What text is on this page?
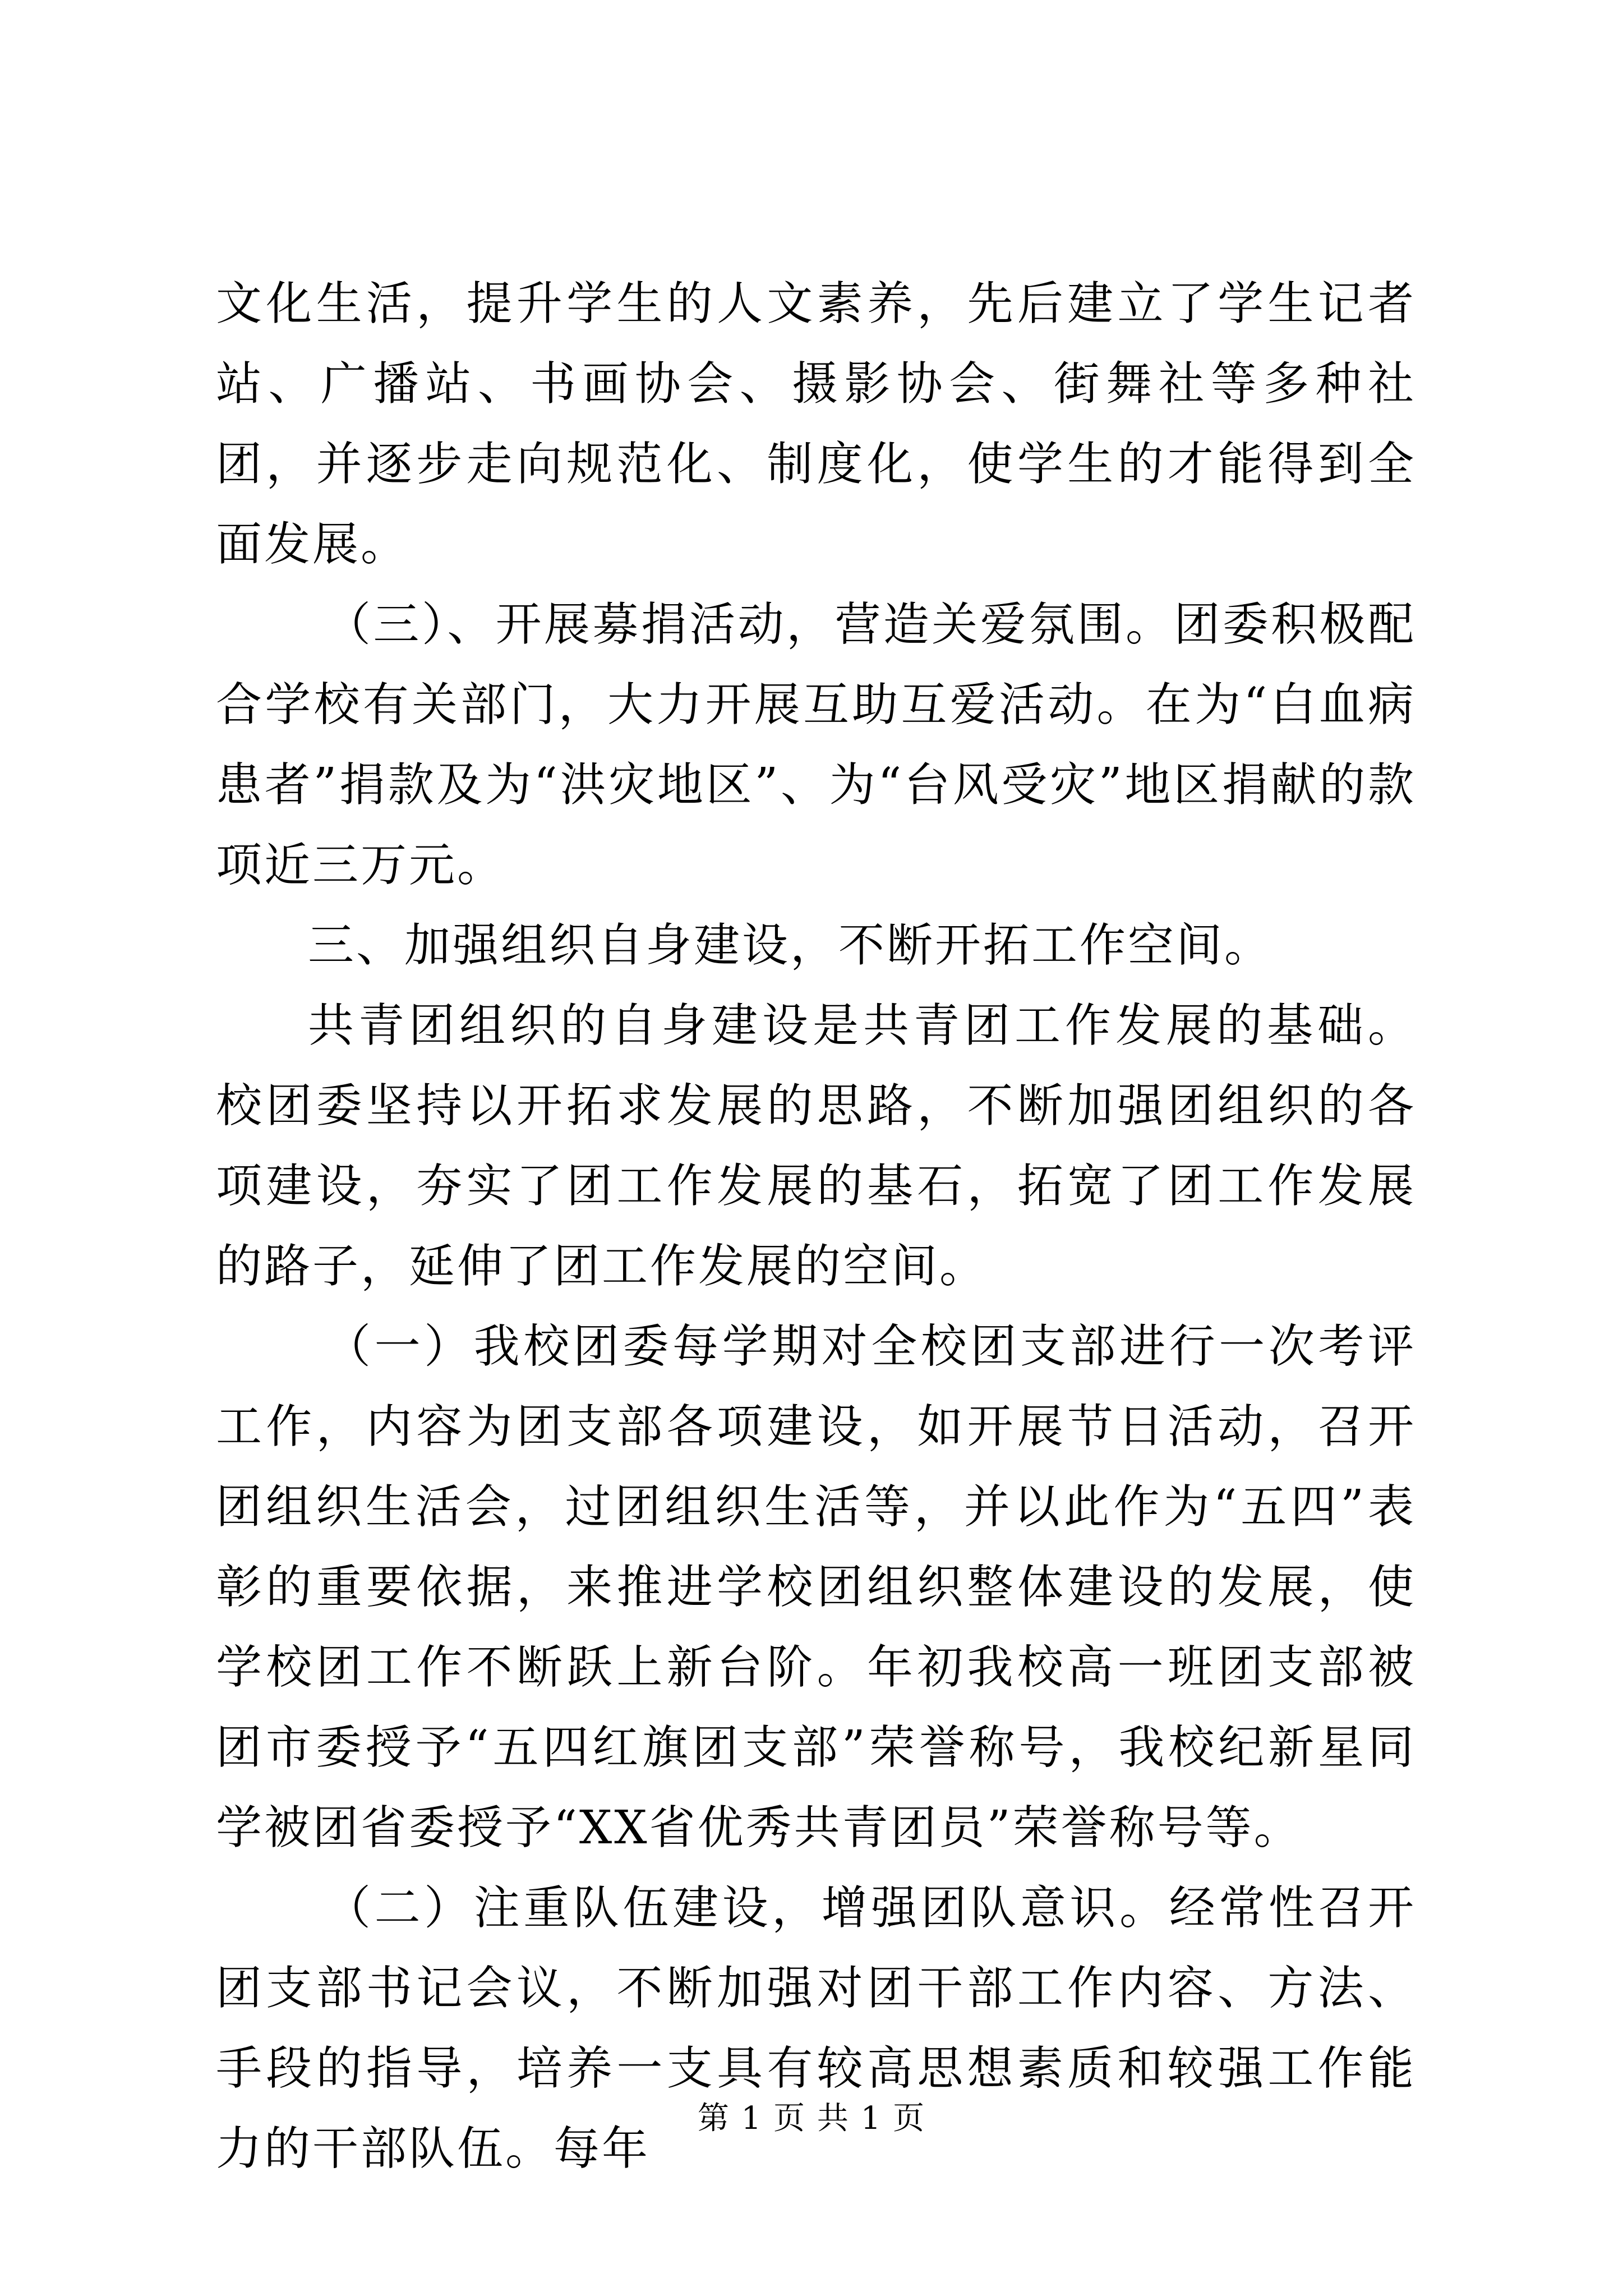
文化生活，提升学生的人文素养，先后建立了学生记者站、广播站、书画协会、摄影协会、街舞社等多种社团，并逐步走向规范化、制度化，使学生的才能得到全面发展。

（三）、开展募捐活动，营造关爱氛围。团委积极配合学校有关部门，大力开展互助互爱活动。在为“白血病患者”捐款及为“洪灾地区”、为“台风受灾”地区捐献的款项近三万元。

三、加强组织自身建设，不断开拓工作空间。

共青团组织的自身建设是共青团工作发展的基础。校团委坚持以开拓求发展的思路，不断加强团组织的各项建设，夯实了团工作发展的基石，拓宽了团工作发展的路子，延伸了团工作发展的空间。

（一）我校团委每学期对全校团支部进行一次考评工作，内容为团支部各项建设，如开展节日活动，召开团组织生活会，过团组织生活等，并以此作为“五四”表彰的重要依据，来推进学校团组织整体建设的发展，使学校团工作不断跃上新台阶。年初我校高一班团支部被团市委授予“五四红旗团支部”荣誉称号，我校纪新星同学被团省委授予“XX省优秀共青团员”荣誉称号等。

（二）注重队伍建设，增强团队意识。经常性召开团支部书记会议，不断加强对团干部工作内容、方法、手段的指导，培养一支具有较高思想素质和较强工作能力的干部队伍。每年

第 1 页 共 1 页
